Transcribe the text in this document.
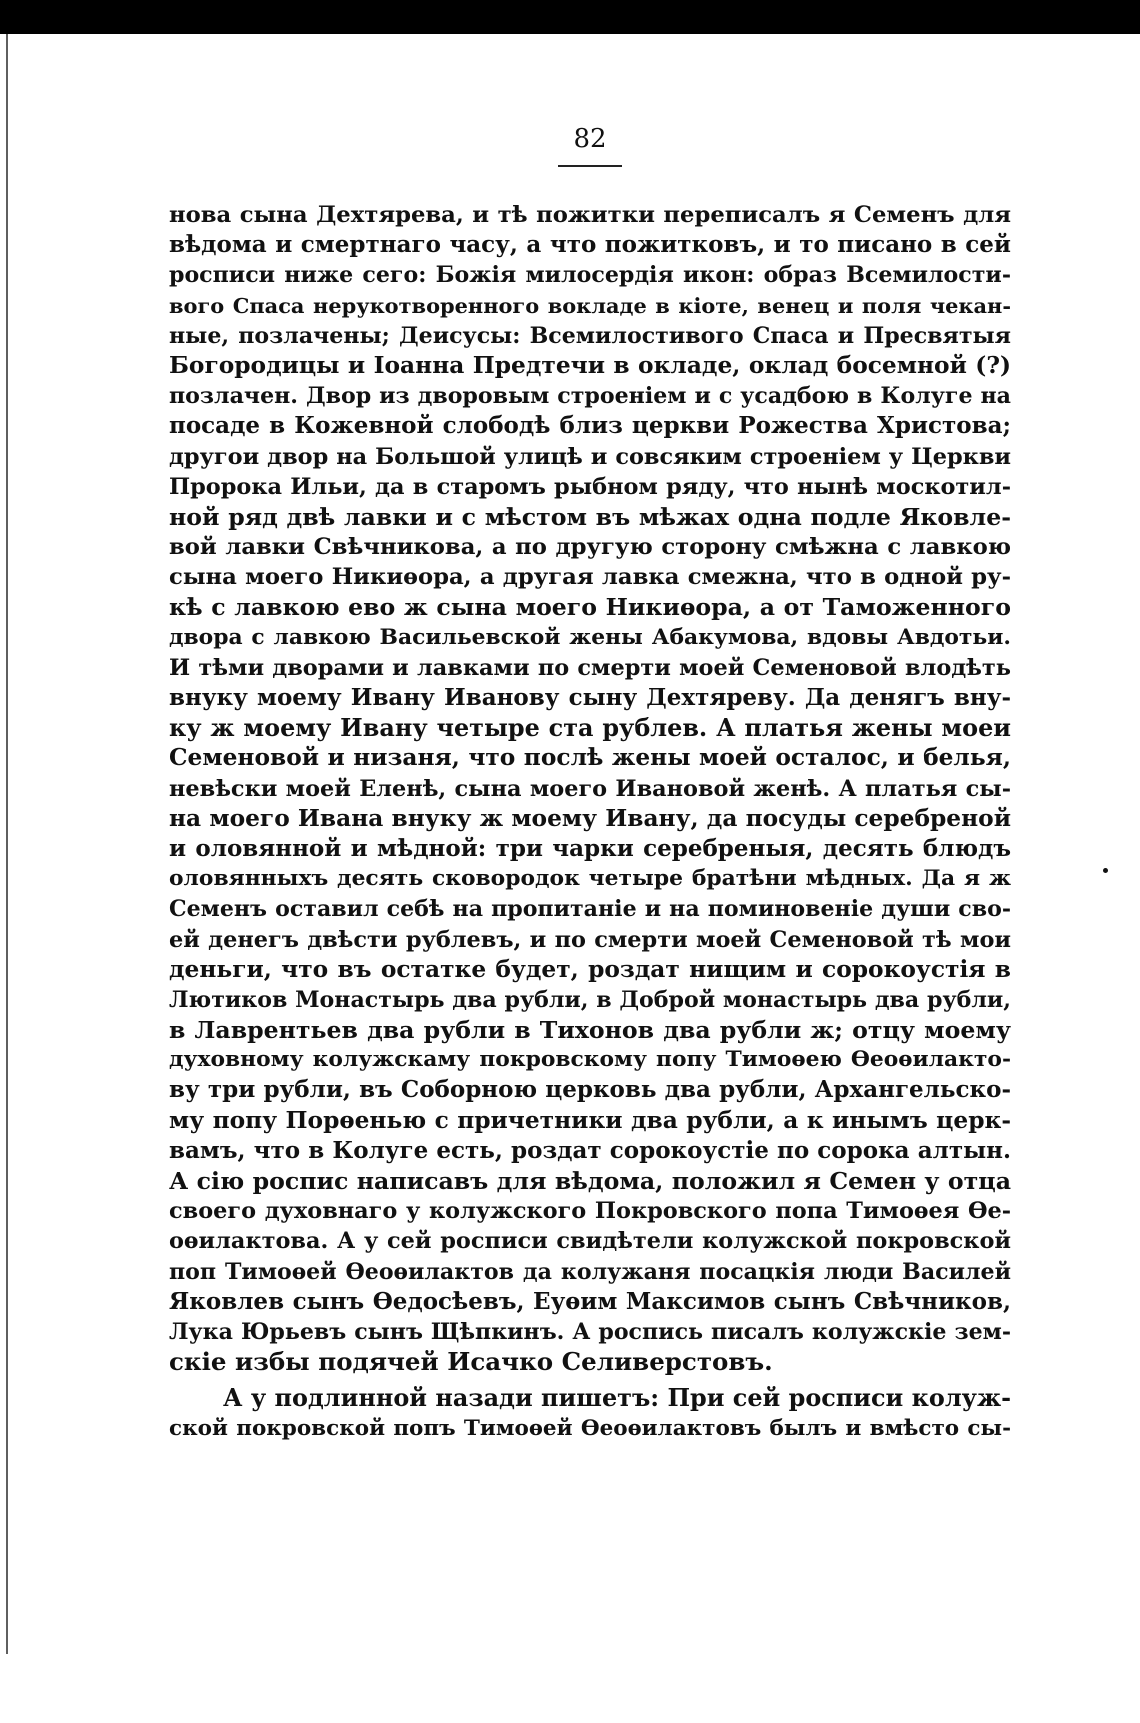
82
нова сына Дехтярева, и тѣ пожитки переписалъ я Семенъ для
вѣдома и смертнаго часу, а что пожитковъ, и то писано в сей
росписи ниже сего: Божія милосердія икон: образ Всемилости-
вого Спаса нерукотворенного вокладе в кіоте, венец и поля чекан-
ные, позлачены; Деисусы: Всемилостивого Спаса и Пресвятыя
Богородицы и Іоанна Предтечи в окладе, оклад босемной (?)
позлачен. Двор из дворовым строеніем и с усадбою в Колуге на
посаде в Кожевной слободѣ близ церкви Рожества Христова;
другои двор на Большой улицѣ и совсяким строеніем у Церкви
Пророка Ильи, да в старомъ рыбном ряду, что нынѣ москотил-
ной ряд двѣ лавки и с мѣстом въ мѣжах одна подле Яковле-
вой лавки Свѣчникова, а по другую сторону смѣжна с лавкою
сына моего Никиѳора, а другая лавка смежна, что в одной ру-
кѣ с лавкою ево ж сына моего Никиѳора, а от Таможенного
двора с лавкою Васильевской жены Абакумова, вдовы Авдотьи.
И тѣми дворами и лавками по смерти моей Семеновой влодѣть
внуку моему Ивану Иванову сыну Дехтяреву. Да денягъ вну-
ку ж моему Ивану четыре ста рублев. А платья жены моеи
Семеновой и низаня, что послѣ жены моей осталос, и белья,
невѣски моей Еленѣ, сына моего Ивановой женѣ. А платья сы-
на моего Ивана внуку ж моему Ивану, да посуды серебреной
и оловянной и мѣдной: три чарки серебреныя, десять блюдъ
оловянныхъ десять сковородок четыре братѣни мѣдных. Да я ж
Семенъ оставил себѣ на пропитаніе и на поминовеніе души сво-
ей денегъ двѣсти рублевъ, и по смерти моей Семеновой тѣ мои
деньги, что въ остатке будет, роздат нищим и сорокоустія в
Лютиков Монастырь два рубли, в Доброй монастырь два рубли,
в Лаврентьев два рубли в Тихонов два рубли ж; отцу моему
духовному колужскаму покровскому попу Тимоѳею Ѳеоѳилакто-
ву три рубли, въ Соборною церковь два рубли, Архангельско-
му попу Порѳенью с причетники два рубли, а к инымъ церк-
вамъ, что в Колуге есть, роздат сорокоустіе по сорока алтын.
А сію роспис написавъ для вѣдома, положил я Семен у отца
своего духовнаго у колужского Покровского попа Тимоѳея Ѳе-
оѳилактова. А у сей росписи свидѣтели колужской покровской
поп Тимоѳей Ѳеоѳилактов да колужаня посацкія люди Василей
Яковлев сынъ Ѳедосѣевъ, Еуѳим Максимов сынъ Свѣчников,
Лука Юрьевъ сынъ Щѣпкинъ. А роспись писалъ колужскіе зем-
скіе избы подячей Исачко Селиверстовъ.
А у подлинной назади пишетъ: При сей росписи колуж-
ской покровской попъ Тимоѳей Ѳеоѳилактовъ былъ и вмѣсто сы-
